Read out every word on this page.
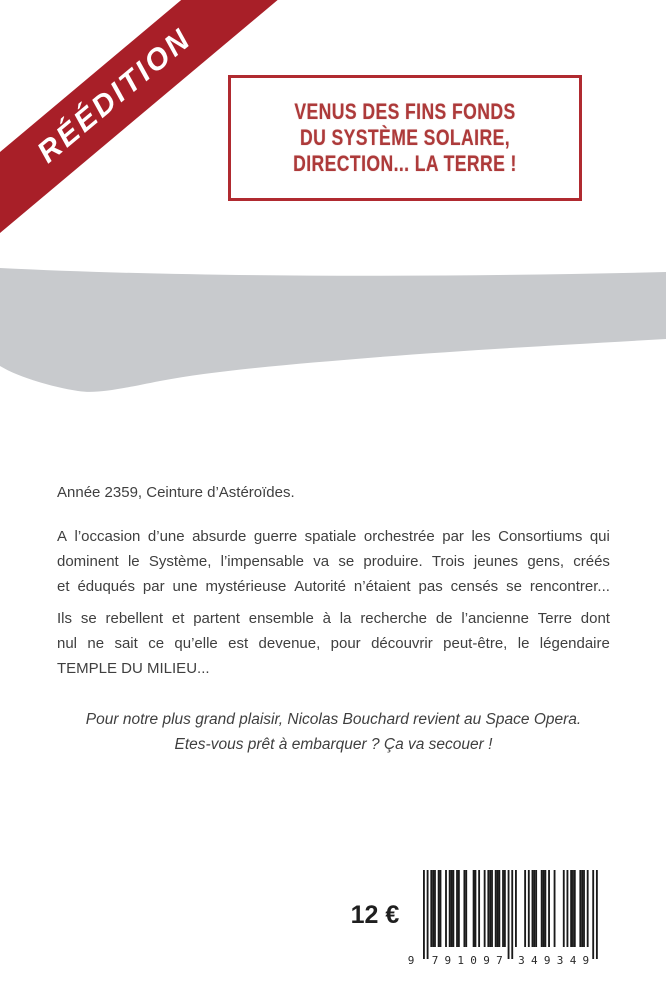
RÉÉDITION	VENUS DES FINS FONDS
DU SYSTÈME SOLAIRE,
DIRECTION... LA TERRE !
Année 2359, Ceinture d’Astéroïdes.
A l’occasion d’une absurde guerre spatiale orchestrée par les Consortiums qui
dominent le Système, l’impensable va se produire. Trois jeunes gens, créés
et éduqués par une mystérieuse Autorité n’étaient pas censés se rencontrer...
Ils se rebellent et partent ensemble à la recherche de l’ancienne Terre dont
nul ne sait ce qu’elle est devenue, pour découvrir peut-être, le légendaire
TEMPLE DU MILIEU...
Pour notre plus grand plaisir, Nicolas Bouchard revient au Space Opera.
Etes-vous prêt à embarquer ? Ça va secouer !
12 €
9 7 9 1 0 9 7 3 4 9 3 4 9
